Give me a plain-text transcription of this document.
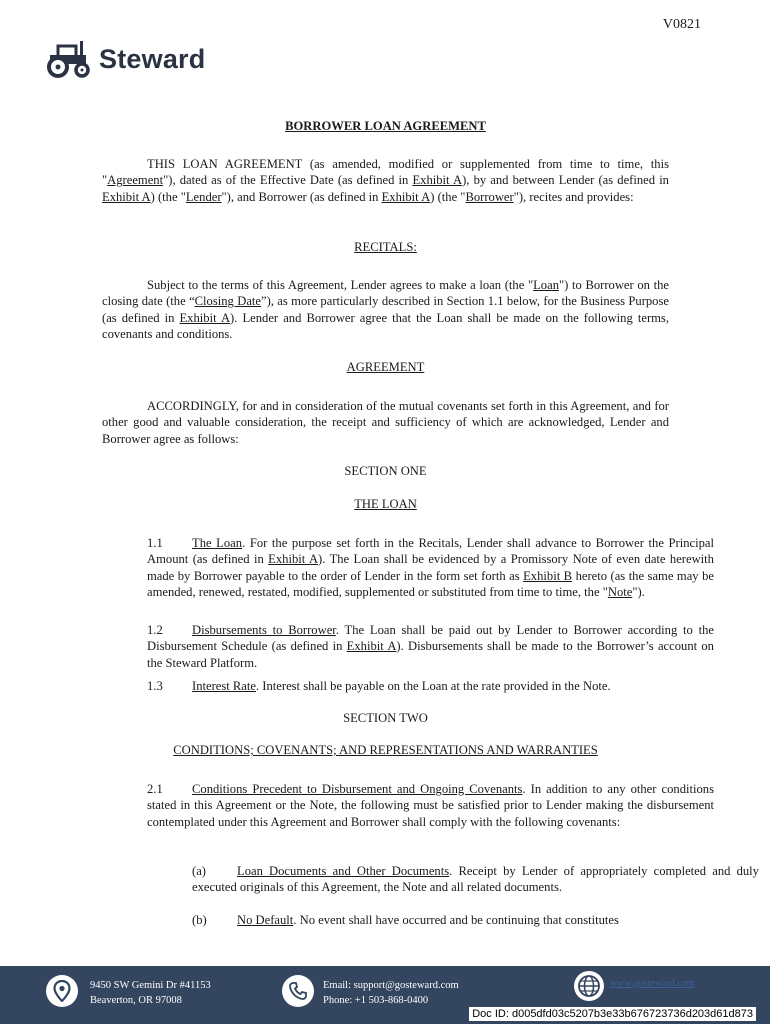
V0821
Steward
BORROWER LOAN AGREEMENT

THIS LOAN AGREEMENT (as amended, modified or supplemented from time to time, this "Agreement"), dated as of the Effective Date (as defined in Exhibit A), by and between Lender (as defined in Exhibit A) (the "Lender"), and Borrower (as defined in Exhibit A) (the "Borrower"), recites and provides:

RECITALS:

Subject to the terms of this Agreement, Lender agrees to make a loan (the "Loan") to Borrower on the closing date (the “Closing Date”), as more particularly described in Section 1.1 below, for the Business Purpose (as defined in Exhibit A). Lender and Borrower agree that the Loan shall be made on the following terms, covenants and conditions.

AGREEMENT

ACCORDINGLY, for and in consideration of the mutual covenants set forth in this Agreement, and for other good and valuable consideration, the receipt and sufficiency of which are acknowledged, Lender and Borrower agree as follows:

SECTION ONE
THE LOAN

1.1 The Loan. For the purpose set forth in the Recitals, Lender shall advance to Borrower the Principal Amount (as defined in Exhibit A). The Loan shall be evidenced by a Promissory Note of even date herewith made by Borrower payable to the order of Lender in the form set forth as Exhibit B hereto (as the same may be amended, renewed, restated, modified, supplemented or substituted from time to time, the "Note").

1.2 Disbursements to Borrower. The Loan shall be paid out by Lender to Borrower according to the Disbursement Schedule (as defined in Exhibit A). Disbursements shall be made to the Borrower’s account on the Steward Platform.

1.3 Interest Rate. Interest shall be payable on the Loan at the rate provided in the Note.

SECTION TWO
CONDITIONS; COVENANTS; AND REPRESENTATIONS AND WARRANTIES

2.1 Conditions Precedent to Disbursement and Ongoing Covenants. In addition to any other conditions stated in this Agreement or the Note, the following must be satisfied prior to Lender making the disbursement contemplated under this Agreement and Borrower shall comply with the following covenants:

(a) Loan Documents and Other Documents. Receipt by Lender of appropriately completed and duly executed originals of this Agreement, the Note and all related documents.

(b) No Default. No event shall have occurred and be continuing that constitutes

9450 SW Gemini Dr #41153
Beaverton, OR 97008
Email: support@gosteward.com
Phone: +1 503-868-0400
www.gosteward.com
Doc ID: d005dfd03c5207b3e33b676723736d203d61d873
